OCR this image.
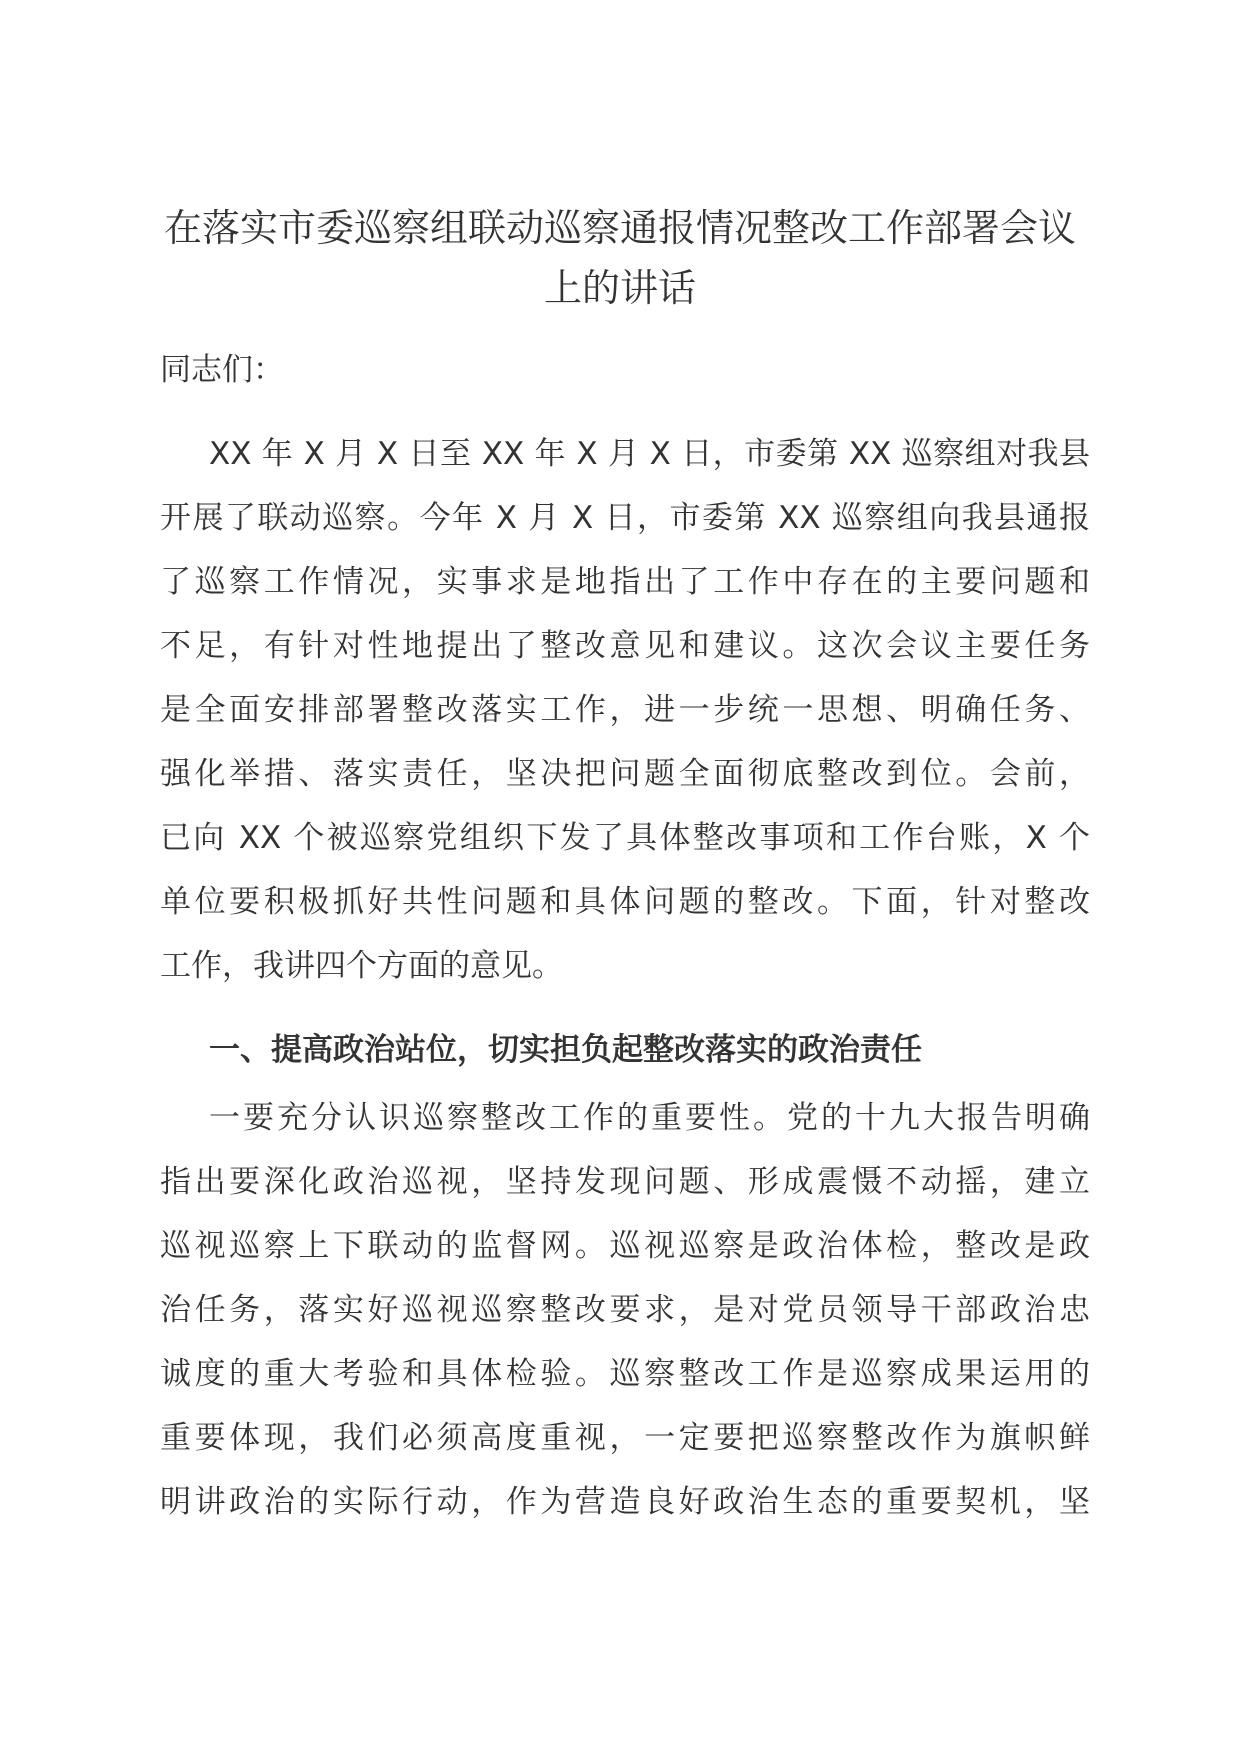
在落实市委巡察组联动巡察通报情况整改工作部署会议
上的讲话

同志们：

XX 年 X 月 X 日至 XX 年 X 月 X 日，市委第 XX 巡察组对我县
开展了联动巡察。今年 X 月 X 日，市委第 XX 巡察组向我县通报
了巡察工作情况，实事求是地指出了工作中存在的主要问题和
不足，有针对性地提出了整改意见和建议。这次会议主要任务
是全面安排部署整改落实工作，进一步统一思想、明确任务、
强化举措、落实责任，坚决把问题全面彻底整改到位。会前，
已向 XX 个被巡察党组织下发了具体整改事项和工作台账，X 个
单位要积极抓好共性问题和具体问题的整改。下面，针对整改
工作，我讲四个方面的意见。
一、提高政治站位，切实担负起整改落实的政治责任
一要充分认识巡察整改工作的重要性。党的十九大报告明确
指出要深化政治巡视，坚持发现问题、形成震慑不动摇，建立
巡视巡察上下联动的监督网。巡视巡察是政治体检，整改是政
治任务，落实好巡视巡察整改要求，是对党员领导干部政治忠
诚度的重大考验和具体检验。巡察整改工作是巡察成果运用的
重要体现，我们必须高度重视，一定要把巡察整改作为旗帜鲜
明讲政治的实际行动，作为营造良好政治生态的重要契机，坚
